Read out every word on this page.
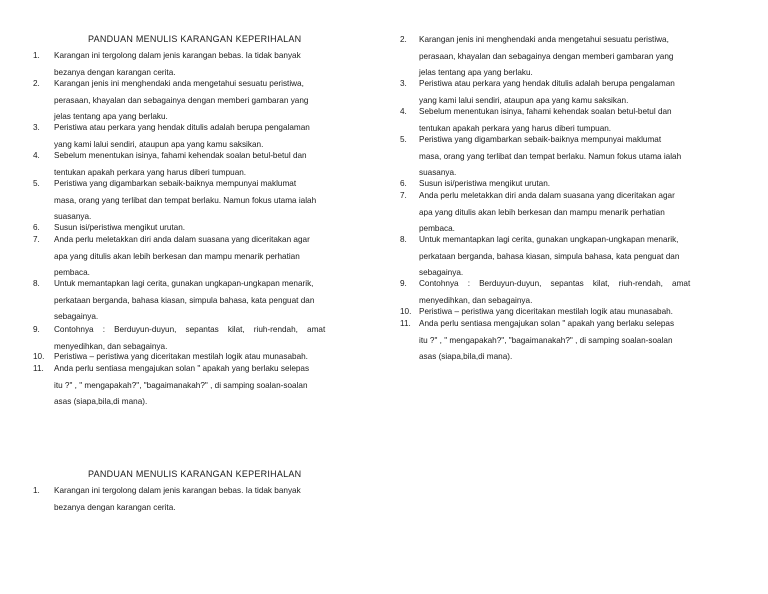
PANDUAN MENULIS KARANGAN KEPERIHALAN
1. Karangan ini tergolong dalam jenis karangan bebas. Ia tidak banyak
bezanya dengan karangan cerita.
2. Karangan jenis ini menghendaki anda mengetahui sesuatu peristiwa,
perasaan, khayalan dan sebagainya dengan memberi gambaran yang
jelas tentang apa yang berlaku.
3. Peristiwa atau perkara yang hendak ditulis adalah berupa pengalaman
yang kami lalui sendiri, ataupun apa yang kamu saksikan.
4. Sebelum menentukan isinya, fahami kehendak soalan betul-betul dan
tentukan apakah perkara yang harus diberi tumpuan.
5. Peristiwa yang digambarkan sebaik-baiknya mempunyai maklumat
masa, orang yang terlibat dan tempat berlaku. Namun fokus utama ialah
suasanya.
6. Susun isi/peristiwa mengikut urutan.
7. Anda perlu meletakkan diri anda dalam suasana yang diceritakan agar
apa yang ditulis akan lebih berkesan dan mampu menarik perhatian
pembaca.
8. Untuk memantapkan lagi cerita, gunakan ungkapan-ungkapan menarik,
perkataan berganda, bahasa kiasan, simpula bahasa, kata penguat dan
sebagainya.
9. Contohnya    :    Berduyun-duyun,    sepantas    kilat,    riuh-rendah,    amat
menyedihkan, dan sebagainya.
10. Peristiwa – peristiwa yang diceritakan mestilah logik atau munasabah.
11. Anda perlu sentiasa mengajukan solan " apakah yang berlaku selepas
itu ?" , " mengapakah?", "bagaimanakah?" , di samping soalan-soalan
asas (siapa,bila,di mana).
PANDUAN MENULIS KARANGAN KEPERIHALAN
1. Karangan ini tergolong dalam jenis karangan bebas. Ia tidak banyak
bezanya dengan karangan cerita.
2. Karangan jenis ini menghendaki anda mengetahui sesuatu peristiwa,
perasaan, khayalan dan sebagainya dengan memberi gambaran yang
jelas tentang apa yang berlaku.
3. Peristiwa atau perkara yang hendak ditulis adalah berupa pengalaman
yang kami lalui sendiri, ataupun apa yang kamu saksikan.
4. Sebelum menentukan isinya, fahami kehendak soalan betul-betul dan
tentukan apakah perkara yang harus diberi tumpuan.
5. Peristiwa yang digambarkan sebaik-baiknya mempunyai maklumat
masa, orang yang terlibat dan tempat berlaku. Namun fokus utama ialah
suasanya.
6. Susun isi/peristiwa mengikut urutan.
7. Anda perlu meletakkan diri anda dalam suasana yang diceritakan agar
apa yang ditulis akan lebih berkesan dan mampu menarik perhatian
pembaca.
8. Untuk memantapkan lagi cerita, gunakan ungkapan-ungkapan menarik,
perkataan berganda, bahasa kiasan, simpula bahasa, kata penguat dan
sebagainya.
9. Contohnya    :    Berduyun-duyun,    sepantas    kilat,    riuh-rendah,    amat
menyedihkan, dan sebagainya.
10. Peristiwa – peristiwa yang diceritakan mestilah logik atau munasabah.
11. Anda perlu sentiasa mengajukan solan " apakah yang berlaku selepas
itu ?" , " mengapakah?", "bagaimanakah?" , di samping soalan-soalan
asas (siapa,bila,di mana).
